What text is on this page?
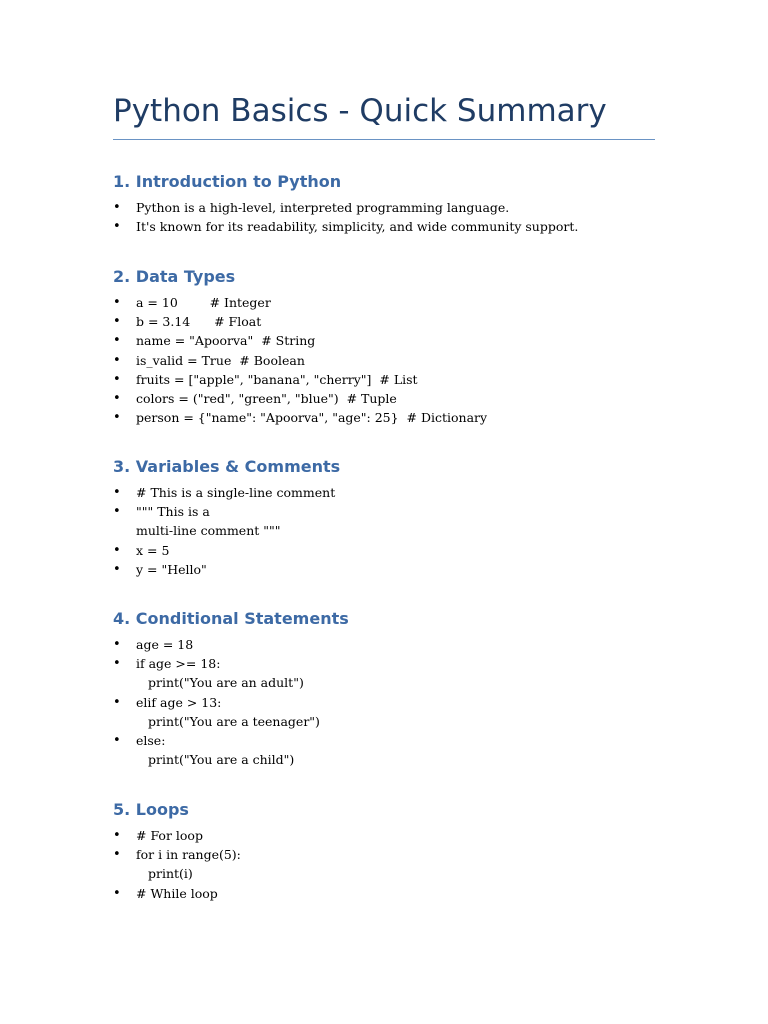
Python Basics - Quick Summary
1. Introduction to Python
• Python is a high-level, interpreted programming language.
• It's known for its readability, simplicity, and wide community support.
2. Data Types
• a = 10        # Integer
• b = 3.14      # Float
• name = "Apoorva"  # String
• is_valid = True  # Boolean
• fruits = ["apple", "banana", "cherry"]  # List
• colors = ("red", "green", "blue")  # Tuple
• person = {"name": "Apoorva", "age": 25}  # Dictionary
3. Variables & Comments
• # This is a single-line comment
• """ This is a
multi-line comment """
• x = 5
• y = "Hello"
4. Conditional Statements
• age = 18
• if age >= 18:
print("You are an adult")
• elif age > 13:
print("You are a teenager")
• else:
print("You are a child")
5. Loops
• # For loop
• for i in range(5):
print(i)
• # While loop
